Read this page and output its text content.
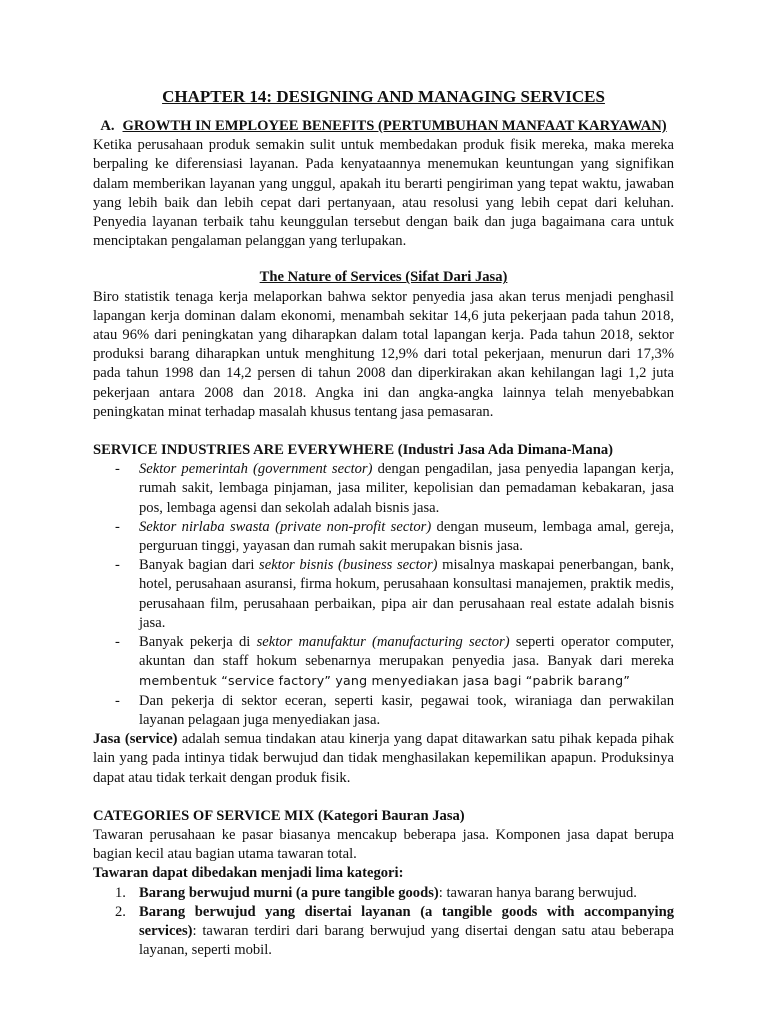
CHAPTER 14: DESIGNING AND MANAGING SERVICES
A. GROWTH IN EMPLOYEE BENEFITS (PERTUMBUHAN MANFAAT KARYAWAN)

Ketika perusahaan produk semakin sulit untuk membedakan produk fisik mereka, maka mereka berpaling ke diferensiasi layanan. Pada kenyataannya menemukan keuntungan yang signifikan dalam memberikan layanan yang unggul, apakah itu berarti pengiriman yang tepat waktu, jawaban yang lebih baik dan lebih cepat dari pertanyaan, atau resolusi yang lebih cepat dari keluhan. Penyedia layanan terbaik tahu keunggulan tersebut dengan baik dan juga bagaimana cara untuk menciptakan pengalaman pelanggan yang terlupakan.

The Nature of Services (Sifat Dari Jasa)

Biro statistik tenaga kerja melaporkan bahwa sektor penyedia jasa akan terus menjadi penghasil lapangan kerja dominan dalam ekonomi, menambah sekitar 14,6 juta pekerjaan pada tahun 2018, atau 96% dari peningkatan yang diharapkan dalam total lapangan kerja. Pada tahun 2018, sektor produksi barang diharapkan untuk menghitung 12,9% dari total pekerjaan, menurun dari 17,3% pada tahun 1998 dan 14,2 persen di tahun 2008 dan diperkirakan akan kehilangan lagi 1,2 juta pekerjaan antara 2008 dan 2018. Angka ini dan angka-angka lainnya telah menyebabkan peningkatan minat terhadap masalah khusus tentang jasa pemasaran.

SERVICE INDUSTRIES ARE EVERYWHERE (Industri Jasa Ada Dimana-Mana)
- Sektor pemerintah (government sector) dengan pengadilan, jasa penyedia lapangan kerja, rumah sakit, lembaga pinjaman, jasa militer, kepolisian dan pemadaman kebakaran, jasa pos, lembaga agensi dan sekolah adalah bisnis jasa.
- Sektor nirlaba swasta (private non-profit sector) dengan museum, lembaga amal, gereja, perguruan tinggi, yayasan dan rumah sakit merupakan bisnis jasa.
- Banyak bagian dari sektor bisnis (business sector) misalnya maskapai penerbangan, bank, hotel, perusahaan asuransi, firma hokum, perusahaan konsultasi manajemen, praktik medis, perusahaan film, perusahaan perbaikan, pipa air dan perusahaan real estate adalah bisnis jasa.
- Banyak pekerja di sektor manufaktur (manufacturing sector) seperti operator computer, akuntan dan staff hokum sebenarnya merupakan penyedia jasa. Banyak dari mereka membentuk “service factory” yang menyediakan jasa bagi “pabrik barang”
- Dan pekerja di sektor eceran, seperti kasir, pegawai took, wiraniaga dan perwakilan layanan pelagaan juga menyediakan jasa.

Jasa (service) adalah semua tindakan atau kinerja yang dapat ditawarkan satu pihak kepada pihak lain yang pada intinya tidak berwujud dan tidak menghasilakan kepemilikan apapun. Produksinya dapat atau tidak terkait dengan produk fisik.

CATEGORIES OF SERVICE MIX (Kategori Bauran Jasa)

Tawaran perusahaan ke pasar biasanya mencakup beberapa jasa. Komponen jasa dapat berupa bagian kecil atau bagian utama tawaran total.

Tawaran dapat dibedakan menjadi lima kategori:
1. Barang berwujud murni (a pure tangible goods): tawaran hanya barang berwujud.
2. Barang berwujud yang disertai layanan (a tangible goods with accompanying services): tawaran terdiri dari barang berwujud yang disertai dengan satu atau beberapa layanan, seperti mobil.
